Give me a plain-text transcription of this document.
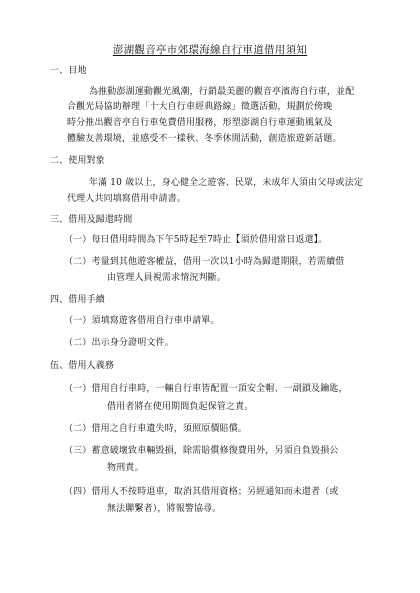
澎湖觀音亭市郊環海線自行車道借用須知
一、目地
為推動澎湖運動觀光風潮，行銷最美麗的觀音亭濱海自行車，並配
合觀光局協助辦理「十大自行車經典路線」徵選活動，規劃於傍晚
時分推出觀音亭自行車免費借用服務，形塑澎湖自行車運動風氣及
體驗友善環境，並感受不一樣秋、冬季休閒活動，創造旅遊新話題。
二、使用對象
年滿 10 歲以上，身心健全之遊客、民眾，未成年人須由父母或法定
代理人共同填寫借用申請書。
三、借用及歸還時間
（一）每日借用時間為下午5時起至7時止【須於借用當日返還】。
（二）考量到其他遊客權益，借用一次以1小時為歸還期限，若需續借
由管理人員視需求情況判斷。
四、借用手續
（一）須填寫遊客借用自行車申請單。
（二）出示身分證明文件。
伍、借用人義務
（一）借用自行車時，一輛自行車皆配置一頂安全帽、一副鎖及鑰匙，
借用者將在使用期間負起保管之責。
（二）借用之自行車遺失時，須照原價賠償。
（三）蓄意破壞致車輛毀損，除需賠償修復費用外，另須自負毀損公
物刑責。
（四）借用人不按時退車，取消其借用資格；另經通知而未還者（或
無法聯繫者），將報警協尋。
